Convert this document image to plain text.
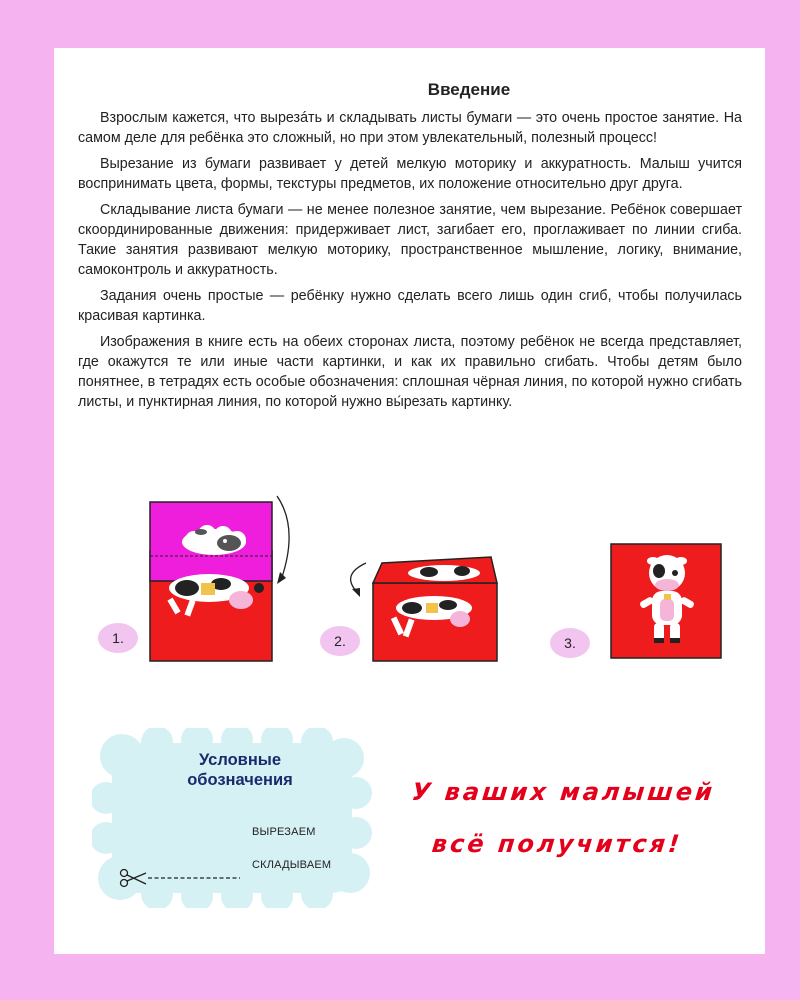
Введение

Взрослым кажется, что вырезáть и складывать листы бумаги — это очень простое занятие. На самом деле для ребёнка это сложный, но при этом увлекательный, полезный процесс!

Вырезание из бумаги развивает у детей мелкую моторику и аккуратность. Малыш учится воспринимать цвета, формы, текстуры предметов, их положение относительно друг друга.

Складывание листа бумаги — не менее полезное занятие, чем вырезание. Ребёнок совершает скоординированные движения: придерживает лист, загибает его, проглаживает по линии сгиба. Такие занятия развивают мелкую моторику, пространственное мышление, логику, внимание, самоконтроль и аккуратность.

Задания очень простые — ребёнку нужно сделать всего лишь один сгиб, чтобы получилась красивая картинка.

Изображения в книге есть на обеих сторонах листа, поэтому ребёнок не всегда представляет, где окажутся те или иные части картинки, и как их правильно сгибать. Чтобы детям было понятнее, в тетрадях есть особые обозначения: сплошная чёрная линия, по которой нужно сгибать листы, и пунктирная линия, по которой нужно вы́резать картинку.

1.	2.	3.
Условные
обозначения
ВЫРЕЗАЕМ
СКЛАДЫВАЕМ
У ваших малышей
всё получится!
